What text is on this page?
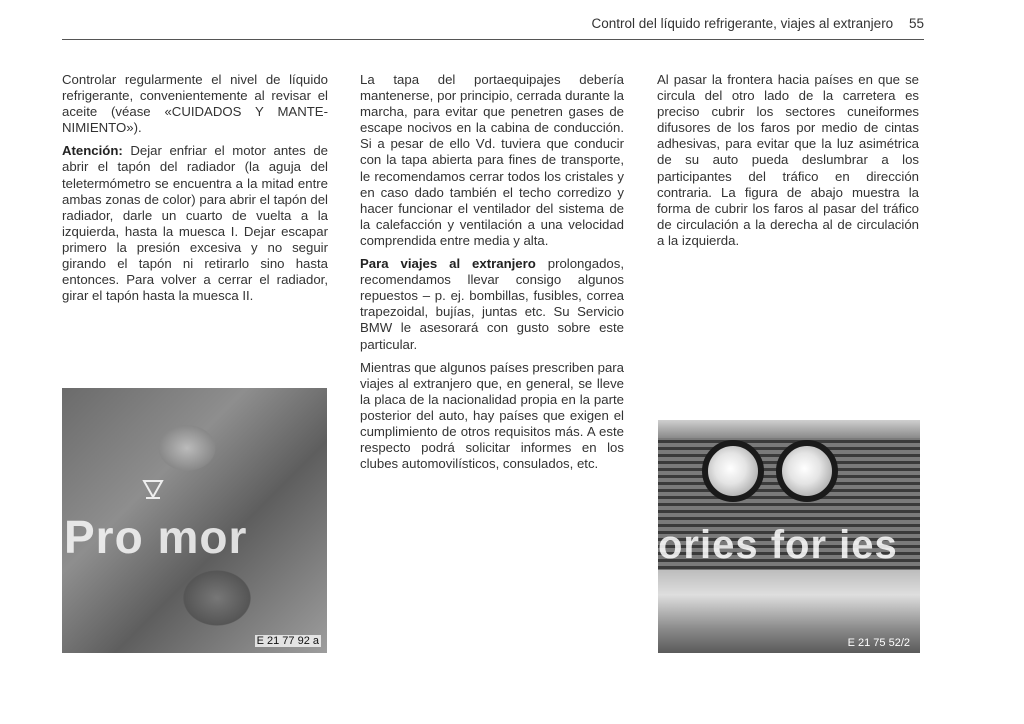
Control del líquido refrigerante, viajes al extranjero 55

Controlar regularmente el nivel de líquido refrigerante, convenientemente al revisar el aceite (véase «CUIDADOS Y MANTE-NIMIENTO»).

Atención: Dejar enfriar el motor antes de abrir el tapón del radiador (la aguja del teletermómetro se encuentra a la mitad entre ambas zonas de color) para abrir el tapón del radiador, darle un cuarto de vuelta a la izquierda, hasta la muesca I. Dejar escapar primero la presión excesiva y no seguir girando el tapón ni retirarlo sino hasta entonces. Para volver a cerrar el radiador, girar el tapón hasta la muesca II.

La tapa del portaequipajes debería mantenerse, por principio, cerrada durante la marcha, para evitar que penetren gases de escape nocivos en la cabina de conducción. Si a pesar de ello Vd. tuviera que conducir con la tapa abierta para fines de transporte, le recomendamos cerrar todos los cristales y en caso dado también el techo corredizo y hacer funcionar el ventilador del sistema de la calefacción y ventilación a una velocidad comprendida entre media y alta.

Para viajes al extranjero prolongados, recomendamos llevar consigo algunos repuestos – p. ej. bombillas, fusibles, correa trapezoidal, bujías, juntas etc. Su Servicio BMW le asesorará con gusto sobre este particular.

Mientras que algunos países prescriben para viajes al extranjero que, en general, se lleve la placa de la nacionalidad propia en la parte posterior del auto, hay países que exigen el cumplimiento de otros requisitos más. A este respecto podrá solicitar informes en los clubes automovilísticos, consulados, etc.

Al pasar la frontera hacia países en que se circula del otro lado de la carretera es preciso cubrir los sectores cuneiformes difusores de los faros por medio de cintas adhesivas, para evitar que la luz asimétrica de su auto pueda deslumbrar a los participantes del tráfico en dirección contraria. La figura de abajo muestra la forma de cubrir los faros al pasar del tráfico de circulación a la derecha al de circulación a la izquierda.

Pro mor
E 21 77 92 a
ories for ies
E 21 75 52/2
